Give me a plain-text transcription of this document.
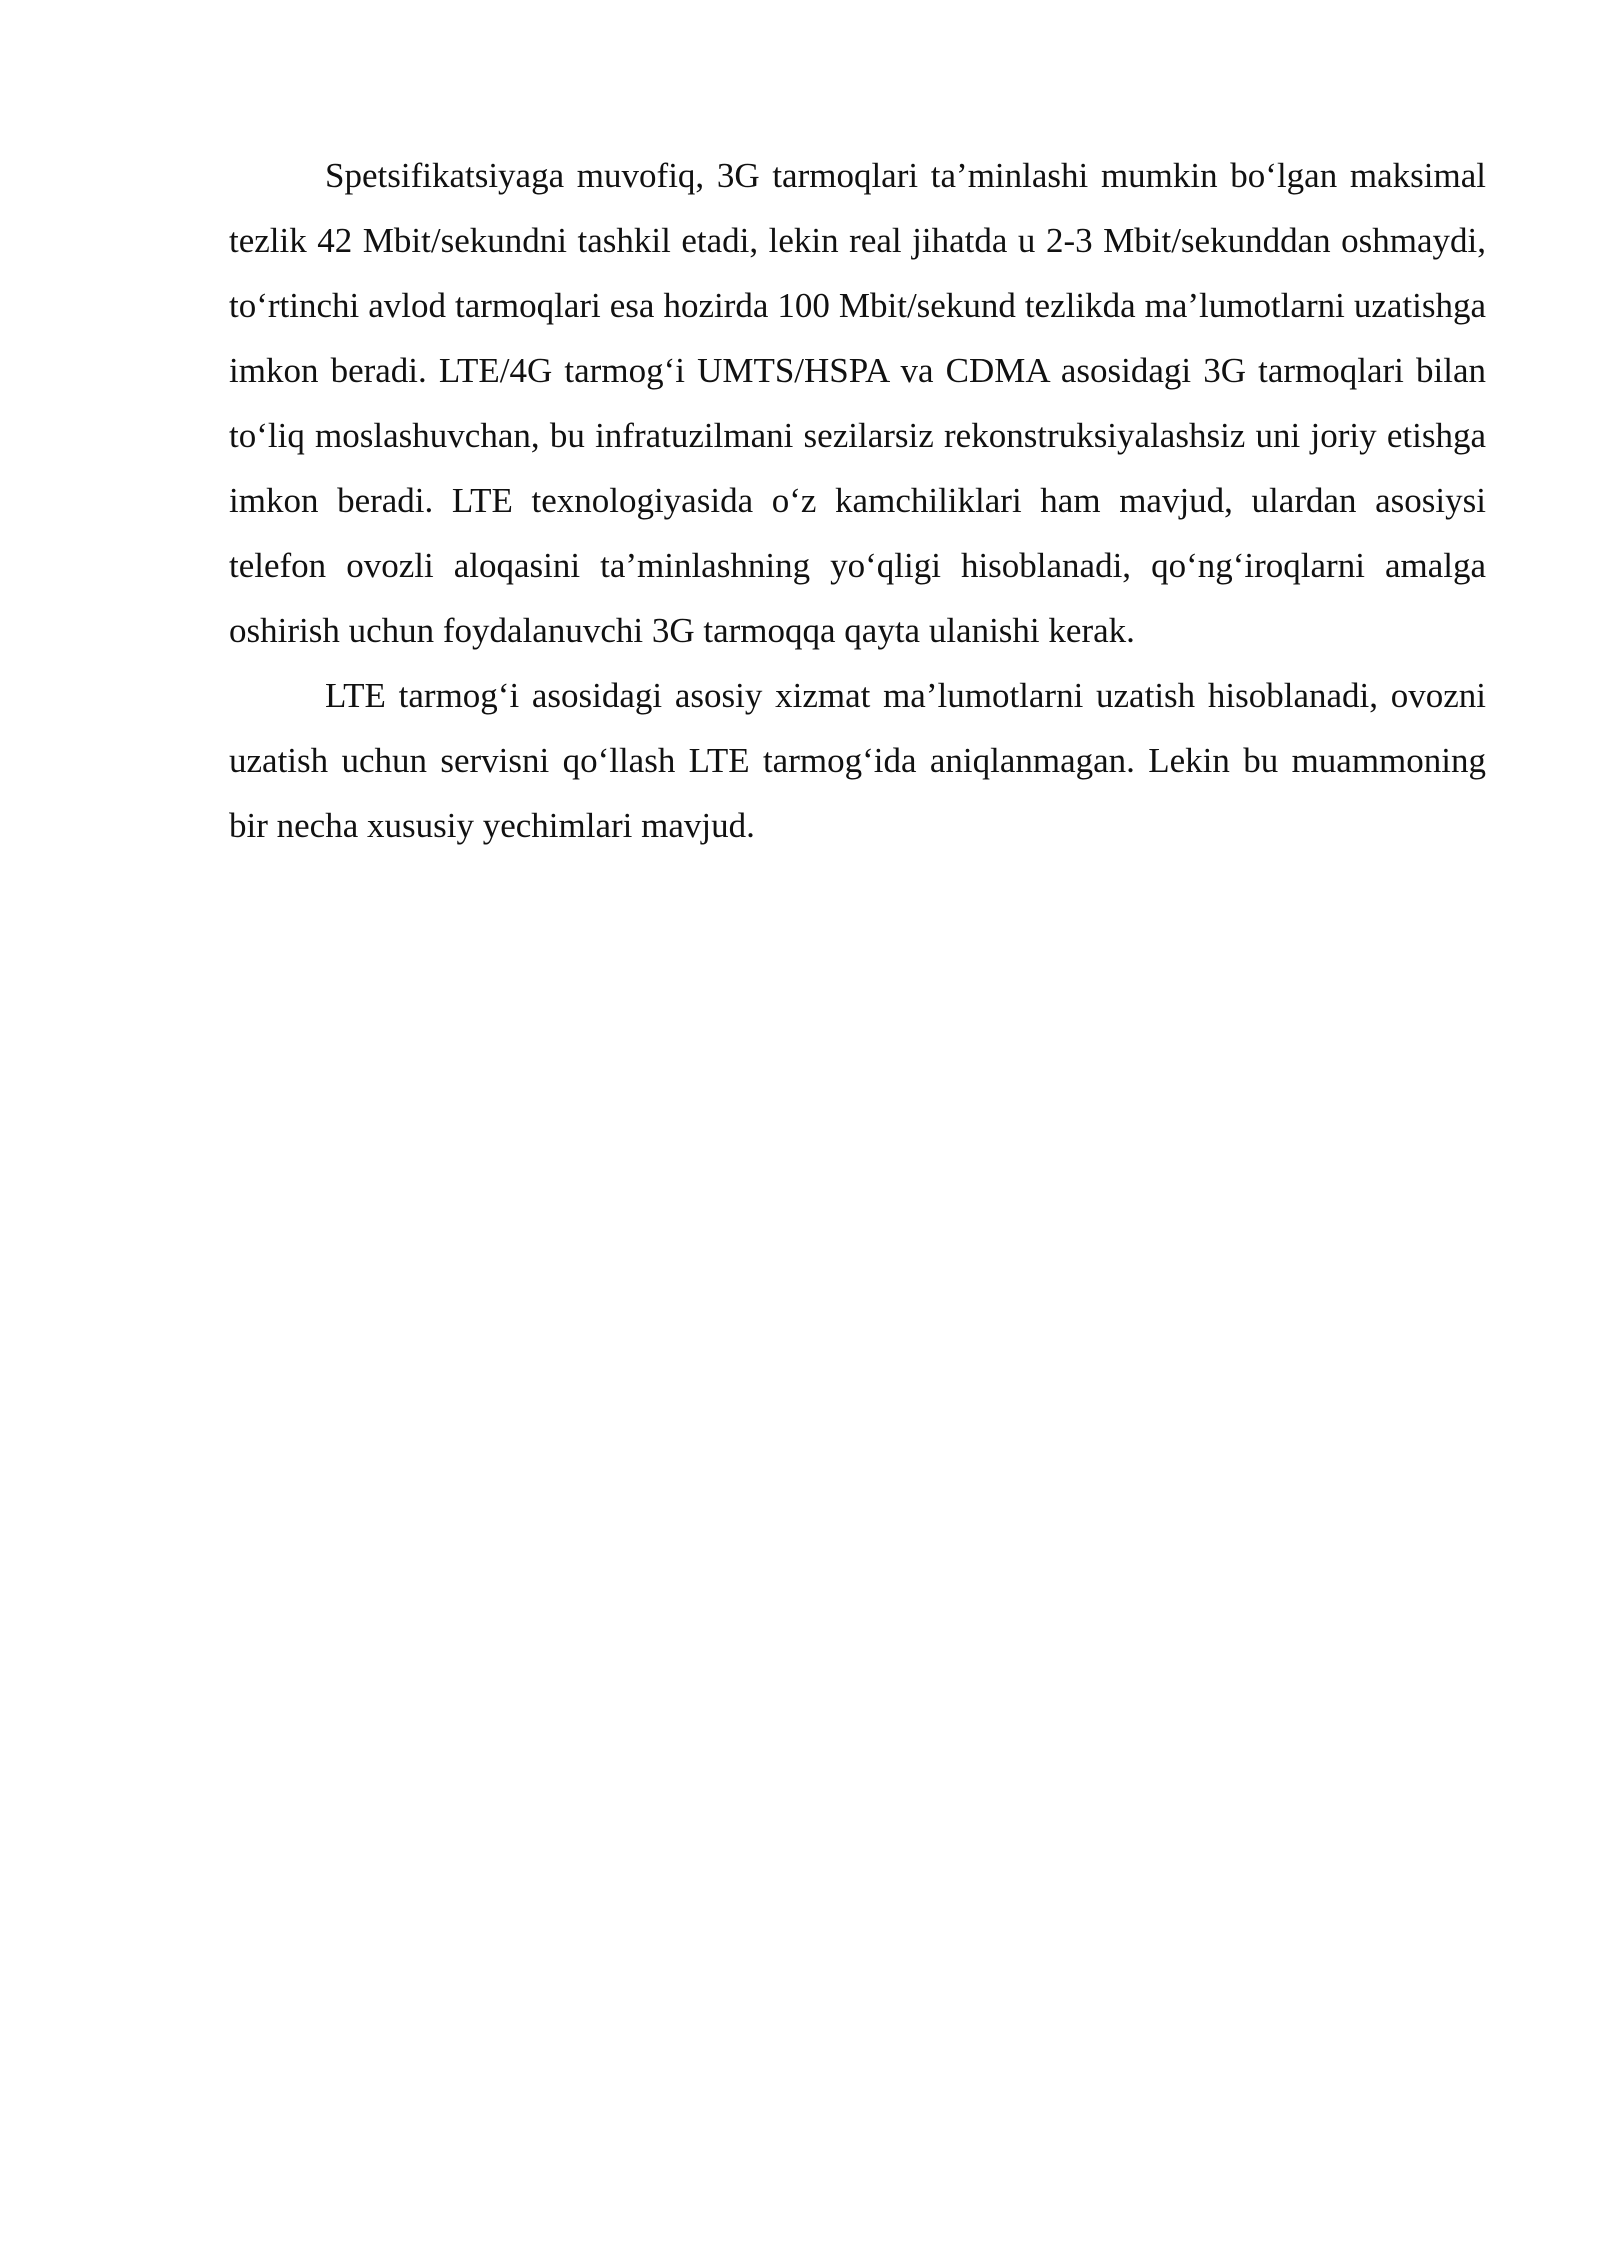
Spetsifikatsiyaga muvofiq, 3G tarmoqlari ta’minlashi mumkin bo‘lgan maksimal tezlik 42 Mbit/sekundni tashkil etadi, lekin real jihatda u 2-3 Mbit/sekunddan oshmaydi, to‘rtinchi avlod tarmoqlari esa hozirda 100 Mbit/sekund tezlikda ma’lumotlarni uzatishga imkon beradi. LTE/4G tarmog‘i UMTS/HSPA va CDMA asosidagi 3G tarmoqlari bilan to‘liq moslashuvchan, bu infratuzilmani sezilarsiz rekonstruksiyalashsiz uni joriy etishga imkon beradi. LTE texnologiyasida o‘z kamchiliklari ham mavjud, ulardan asosiysi telefon ovozli aloqasini ta’minlashning yo‘qligi hisoblanadi, qo‘ng‘iroqlarni amalga oshirish uchun foydalanuvchi 3G tarmoqqa qayta ulanishi kerak.

LTE tarmog‘i asosidagi asosiy xizmat ma’lumotlarni uzatish hisoblanadi, ovozni uzatish uchun servisni qo‘llash LTE tarmog‘ida aniqlanmagan. Lekin bu muammoning bir necha xususiy yechimlari mavjud.
